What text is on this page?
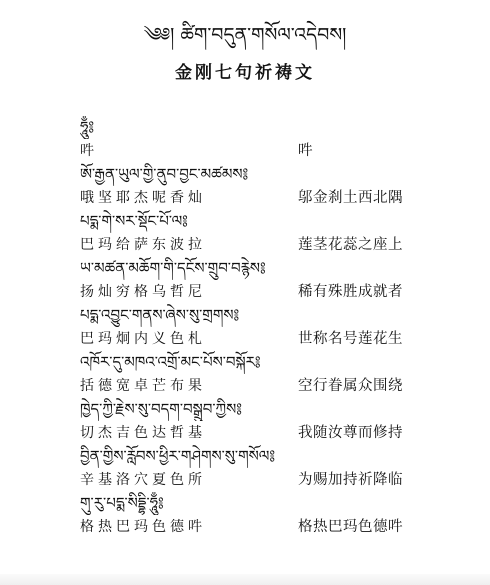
༄༅། ཚིག་བདུན་གསོལ་འདེབས།
金刚七句祈祷文
ཧཱུྃ༔
吽	吽
ཨོ་རྒྱན་ཡུལ་གྱི་ནུབ་བྱང་མཚམས༔
哦坚耶杰呢香灿	邬金刹土西北隅
པདྨ་གེ་སར་སྡོང་པོ་ལ༔
巴玛给萨东波拉	莲茎花蕊之座上
ཡ་མཚན་མཆོག་གི་དངོས་གྲུབ་བརྙེས༔
扬灿穷格乌哲尼	稀有殊胜成就者
པདྨ་འབྱུང་གནས་ཞེས་སུ་གྲགས༔
巴玛炯内义色札	世称名号莲花生
འཁོར་དུ་མཁའ་འགྲོ་མང་པོས་བསྐོར༔
括德宽卓芒布果	空行眷属众围绕
ཁྱེད་ཀྱི་རྗེས་སུ་བདག་བསྒྲུབ་ཀྱིས༔
切杰吉色达哲基	我随汝尊而修持
བྱིན་གྱིས་རློབས་ཕྱིར་གཤེགས་སུ་གསོལ༔
辛基洛穴夏色所	为赐加持祈降临
གུ་རུ་པདྨ་སིདྡྷི་ཧཱུྃ༔
格热巴玛色德吽	格热巴玛色德吽
